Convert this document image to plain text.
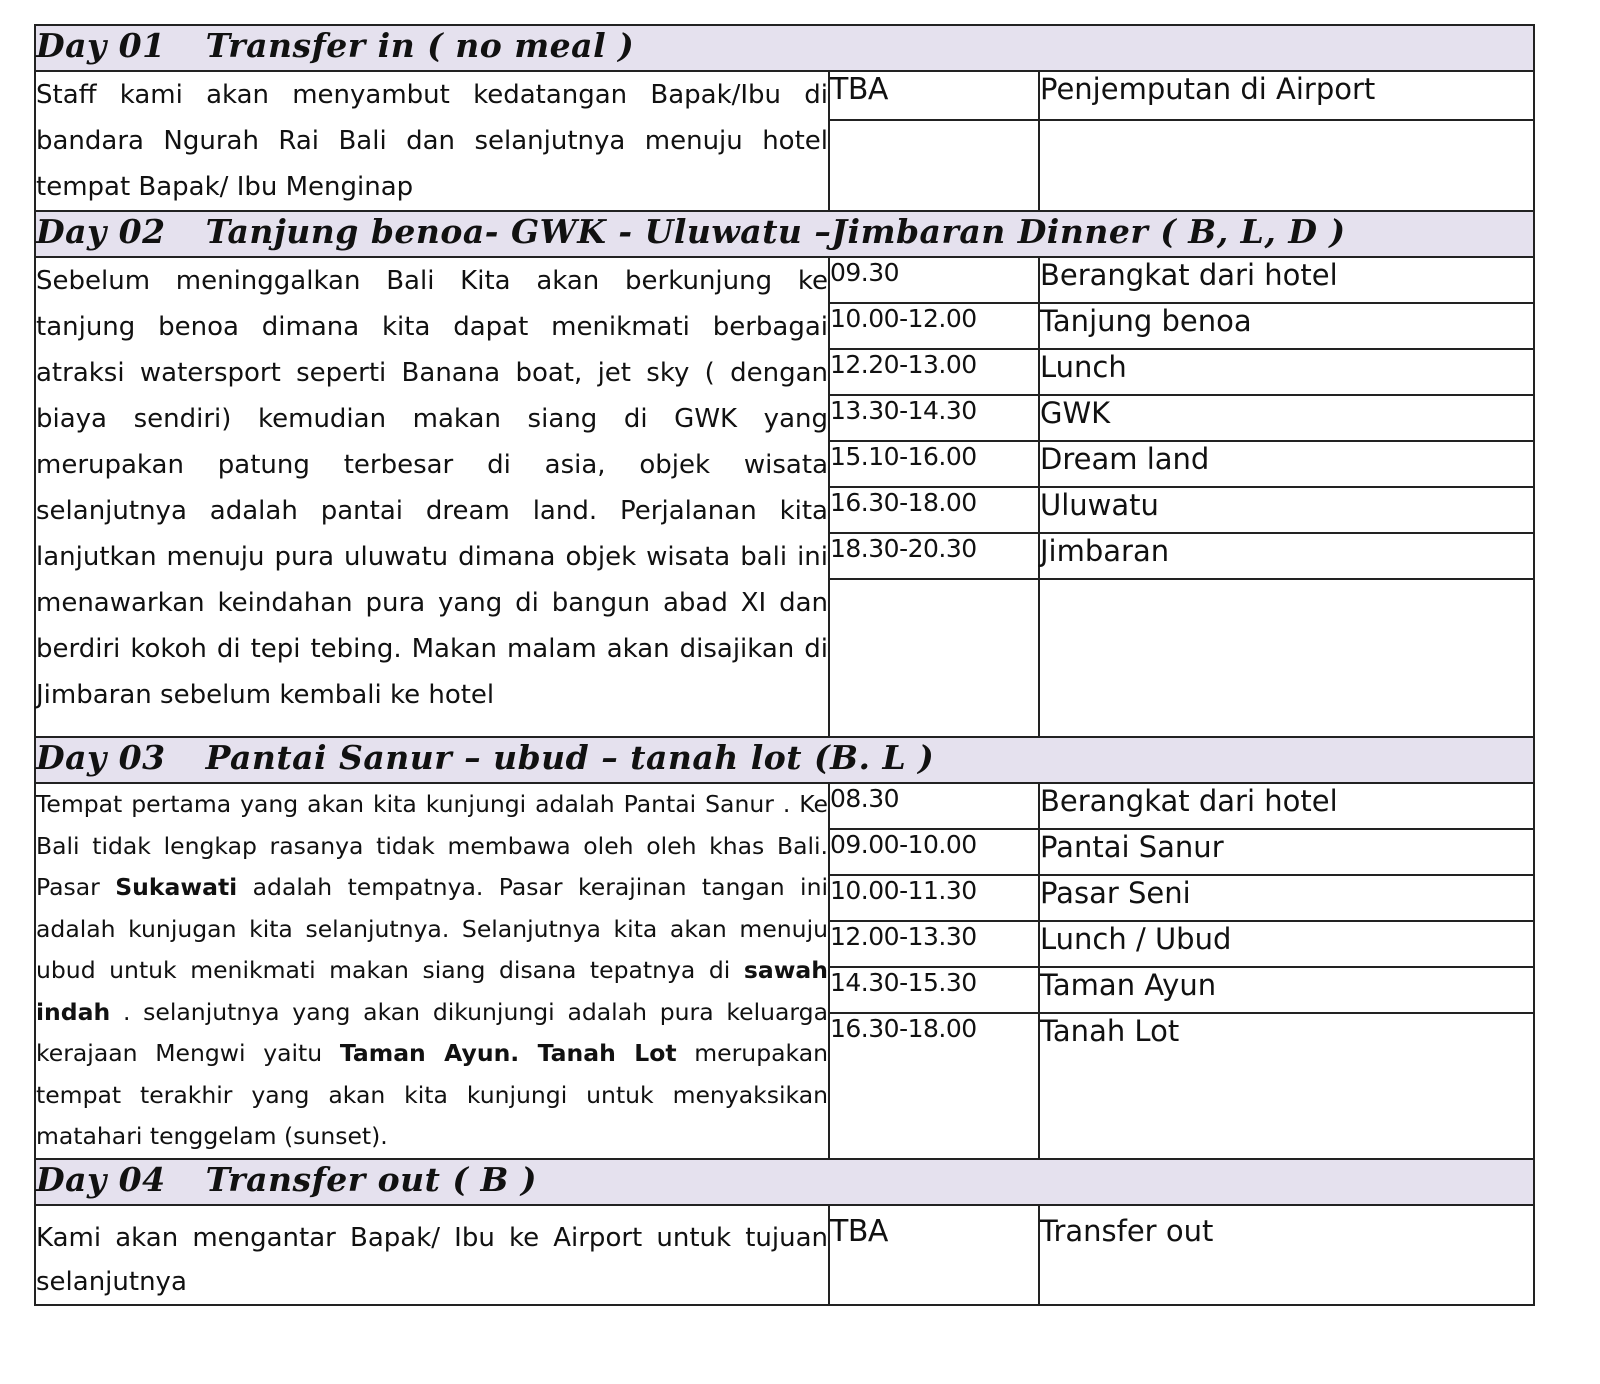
Day 01 Transfer in ( no meal )		
Staff kami akan menyambut kedatangan Bapak/Ibu di bandara Ngurah Rai Bali dan selanjutnya menuju hotel tempat Bapak/ Ibu Menginap	TBA	Penjemputan di Airport

Day 02 Tanjung benoa- GWK - Uluwatu –Jimbaran Dinner ( B, L, D )		
Sebelum meninggalkan Bali Kita akan berkunjung ke tanjung benoa dimana kita dapat menikmati berbagai atraksi watersport seperti Banana boat, jet sky ( dengan biaya sendiri) kemudian makan siang di GWK yang merupakan patung terbesar di asia, objek wisata selanjutnya adalah pantai dream land. Perjalanan kita lanjutkan menuju pura uluwatu dimana objek wisata bali ini menawarkan keindahan pura yang di bangun abad XI dan berdiri kokoh di tepi tebing. Makan malam akan disajikan di Jimbaran sebelum kembali ke hotel	09.30	Berangkat dari hotel
	10.00-12.00	Tanjung benoa
	12.20-13.00	Lunch
	13.30-14.30	GWK
	15.10-16.00	Dream land
	16.30-18.00	Uluwatu
	18.30-20.30	Jimbaran

Day 03 Pantai Sanur – ubud – tanah lot (B. L )		
Tempat pertama yang akan kita kunjungi adalah Pantai Sanur . Ke Bali tidak lengkap rasanya tidak membawa oleh oleh khas Bali. Pasar Sukawati adalah tempatnya. Pasar kerajinan tangan ini adalah kunjugan kita selanjutnya. Selanjutnya kita akan menuju ubud untuk menikmati makan siang disana tepatnya di sawah indah . selanjutnya yang akan dikunjungi adalah pura keluarga kerajaan Mengwi yaitu Taman Ayun. Tanah Lot merupakan tempat terakhir yang akan kita kunjungi untuk menyaksikan matahari tenggelam (sunset).	08.30	Berangkat dari hotel
	09.00-10.00	Pantai Sanur
	10.00-11.30	Pasar Seni
	12.00-13.30	Lunch / Ubud
	14.30-15.30	Taman Ayun
	16.30-18.00	Tanah Lot

Day 04 Transfer out ( B )		
Kami akan mengantar Bapak/ Ibu ke Airport untuk tujuan selanjutnya	TBA	Transfer out
